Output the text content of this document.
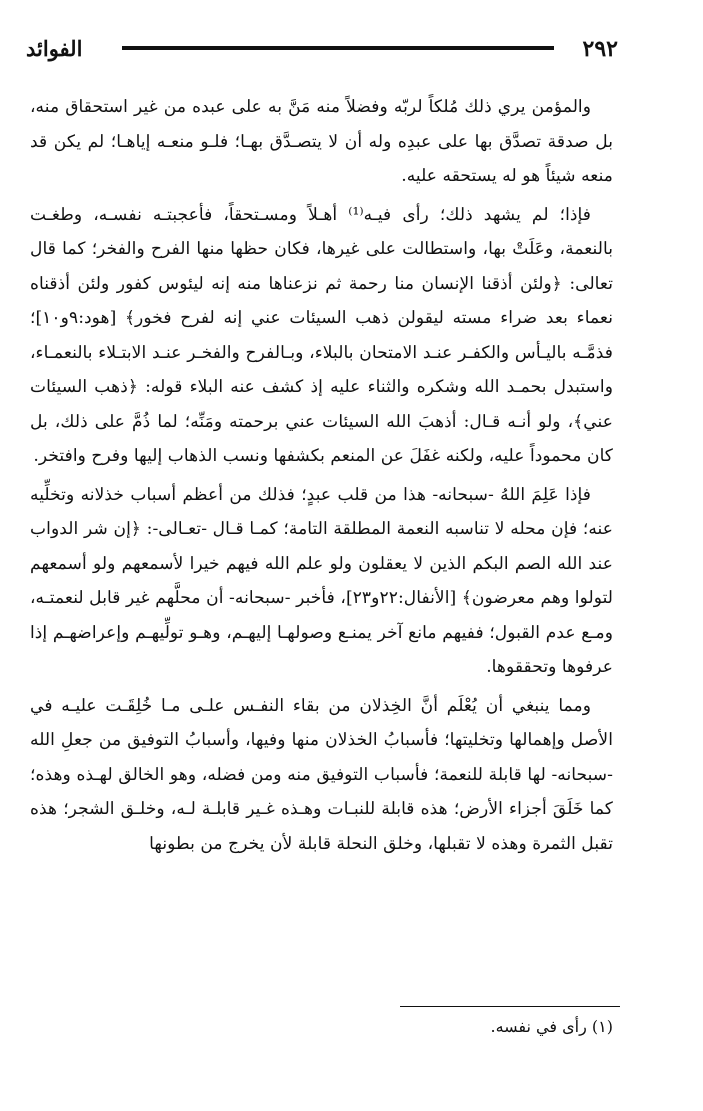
الفوائد	٢٩٢

والمؤمن يري ذلك مُلكاً لربّه وفضلاً منه مَنَّ به على عبده من غير استحقاق منه، بل صدقة تصدَّق بها على عبدِه وله أن لا يتصـدَّق بهـا؛ فلـو منعـه إياهـا؛ لم يكن قد منعه شيئاً هو له يستحقه عليه.

فإذا؛ لم يشهد ذلك؛ رأى فيـه⁽¹⁾ أهـلاً ومسـتحقاً، فأعجبتـه نفسـه، وطغـت بالنعمة، وعَلَتْ بها، واستطالت على غيرها، فكان حظها منها الفرح والفخر؛ كما قال تعالى: ﴿ولئن أذقنا الإنسان منا رحمة ثم نزعناها منه إنه ليئوس كفور ولئن أذقناه نعماء بعد ضراء مسته ليقولن ذهب السيئات عني إنه لفرح فخور﴾ [هود:٩و١٠]؛ فذمَّـه باليـأس والكفـر عنـد الامتحان بالبلاء، وبـالفرح والفخـر عنـد الابتـلاء بالنعمـاء، واستبدل بحمـد الله وشكره والثناء عليه إذ كشف عنه البلاء قوله: ﴿ذهب السيئات عني﴾، ولو أنـه قـال: أذهبَ الله السيئات عني برحمته ومَنِّه؛ لما ذُمَّ على ذلك، بل كان محموداً عليه، ولكنه غفَلَ عن المنعم بكشفها ونسب الذهاب إليها وفرح وافتخر.

فإذا عَلِمَ اللهُ -سبحانه- هذا من قلب عبدٍ؛ فذلك من أعظم أسباب خذلانه وتخلِّيه عنه؛ فإن محله لا تناسبه النعمة المطلقة التامة؛ كمـا قـال -تعـالى-: ﴿إن شر الدواب عند الله الصم البكم الذين لا يعقلون ولو علم الله فيهم خيرا لأسمعهم ولو أسمعهم لتولوا وهم معرضون﴾ [الأنفال:٢٢و٢٣]، فأخبر -سبحانه- أن محلَّهم غير قابل لنعمتـه، ومـع عدم القبول؛ ففيهم مانع آخر يمنـع وصولهـا إليهـم، وهـو تولِّيهـم وإعراضهـم إذا عرفوها وتحققوها.

ومما ينبغي أن يُعْلَم أنَّ الخِذلان من بقاء النفـس علـى مـا خُلِقَـت عليـه في الأصل وإهمالها وتخليتها؛ فأسبابُ الخذلان منها وفيها، وأسبابُ التوفيق من جعلِ الله -سبحانه- لها قابلة للنعمة؛ فأسباب التوفيق منه ومن فضله، وهو الخالق لهـذه وهذه؛ كما خَلَقَ أجزاء الأرض؛ هذه قابلة للنبـات وهـذه غـير قابلـة لـه، وخلـق الشجر؛ هذه تقبل الثمرة وهذه لا تقبلها، وخلق النحلة قابلة لأن يخرج من بطونها

(١) رأى في نفسه.
